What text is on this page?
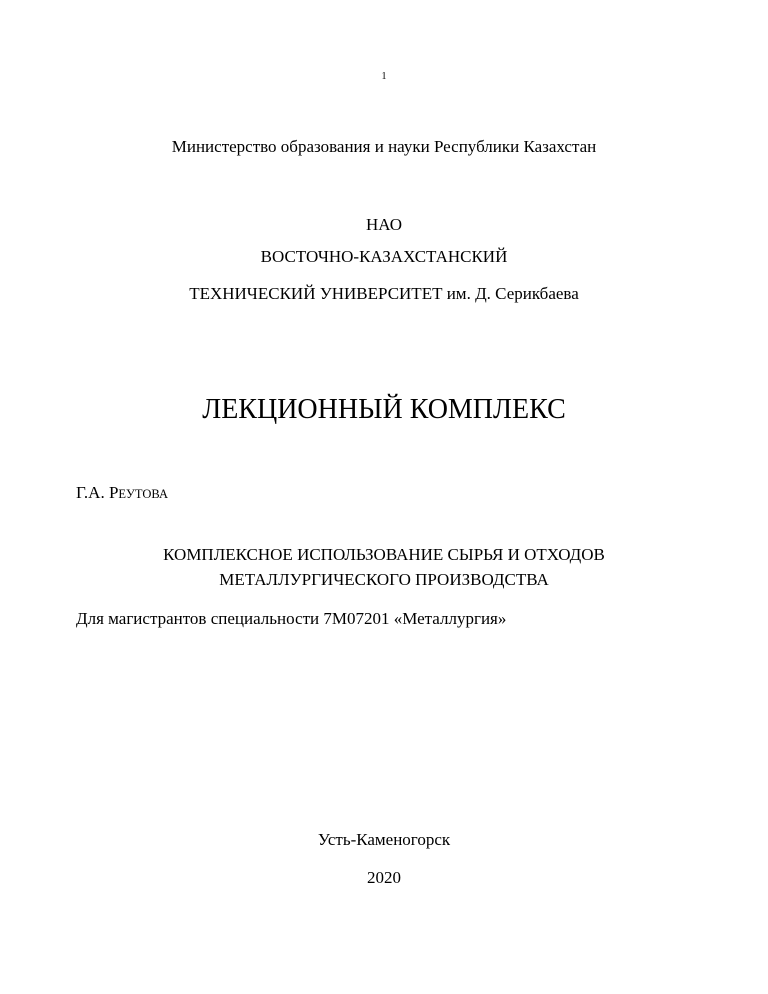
1
Министерство образования и науки Республики Казахстан
НАО
ВОСТОЧНО-КАЗАХСТАНСКИЙ
ТЕХНИЧЕСКИЙ УНИВЕРСИТЕТ им. Д. Серикбаева
ЛЕКЦИОННЫЙ КОМПЛЕКС
Г.А. РЕУТОВА
КОМПЛЕКСНОЕ ИСПОЛЬЗОВАНИЕ СЫРЬЯ И ОТХОДОВ
МЕТАЛЛУРГИЧЕСКОГО ПРОИЗВОДСТВА
Для магистрантов специальности 7М07201 «Металлургия»
Усть-Каменогорск
2020
